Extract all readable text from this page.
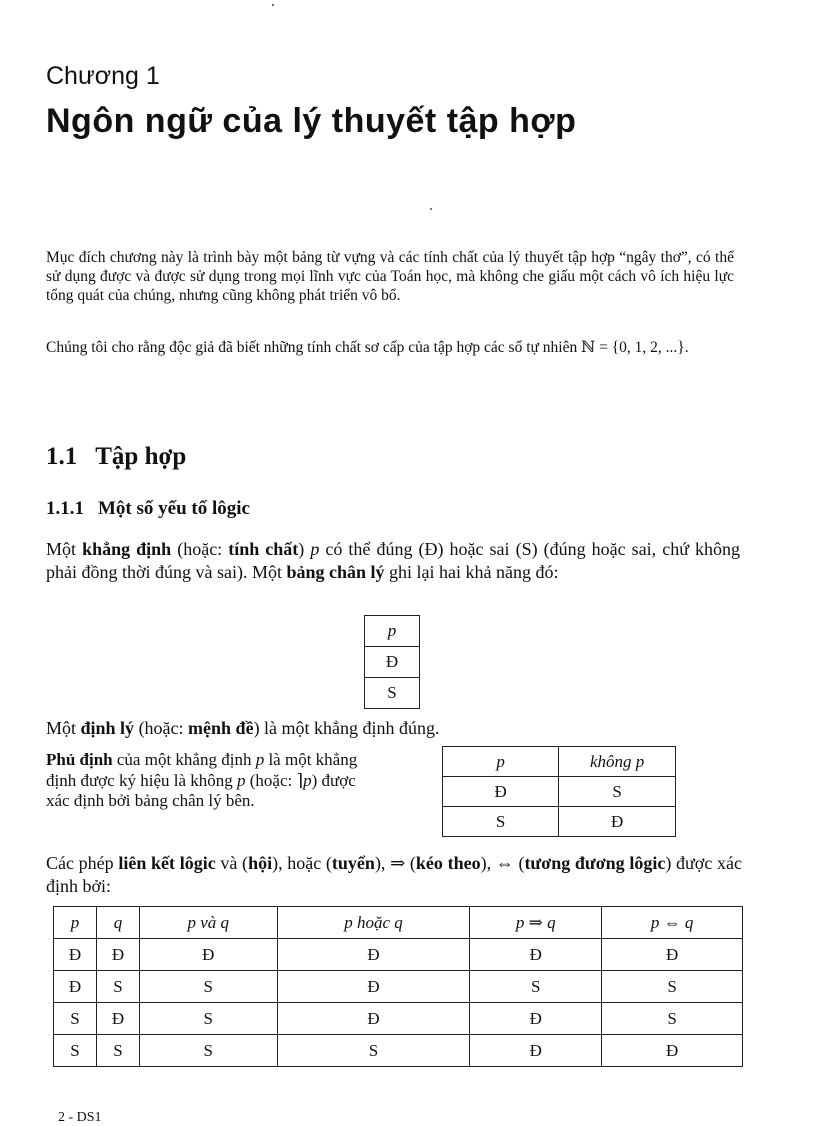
Chương 1
Ngôn ngữ của lý thuyết tập hợp
Mục đích chương này là trình bày một bảng từ vựng và các tính chất của lý thuyết tập hợp “ngây thơ”, có thể sử dụng được và được sử dụng trong mọi lĩnh vực của Toán học, mà không che giấu một cách vô ích hiệu lực tổng quát của chúng, nhưng cũng không phát triển vô bổ.
Chúng tôi cho rằng độc giả đã biết những tính chất sơ cấp của tập hợp các số tự nhiên ℕ = {0, 1, 2, ...}.
1.1 Tập hợp
1.1.1 Một số yếu tố lôgic
Một khẳng định (hoặc: tính chất) p có thể đúng (Đ) hoặc sai (S) (đúng hoặc sai, chứ không phải đồng thời đúng và sai). Một bảng chân lý ghi lại hai khả năng đó:
p
Đ
S
Một định lý (hoặc: mệnh đề) là một khẳng định đúng.
Phủ định của một khẳng định p là một khẳng định được ký hiệu là không p (hoặc: ⌉p) được xác định bởi bảng chân lý bên.
p	không p
Đ	S
S	Đ
Các phép liên kết lôgic và (hội), hoặc (tuyển), ⇒ (kéo theo), ⇔ (tương đương lôgic) được xác định bởi:
p	q	p và q	p hoặc q	p ⇒ q	p ⇔ q
Đ	Đ	Đ	Đ	Đ	Đ
Đ	S	S	Đ	S	S
S	Đ	S	Đ	Đ	S
S	S	S	S	Đ	Đ
2 - DS1
